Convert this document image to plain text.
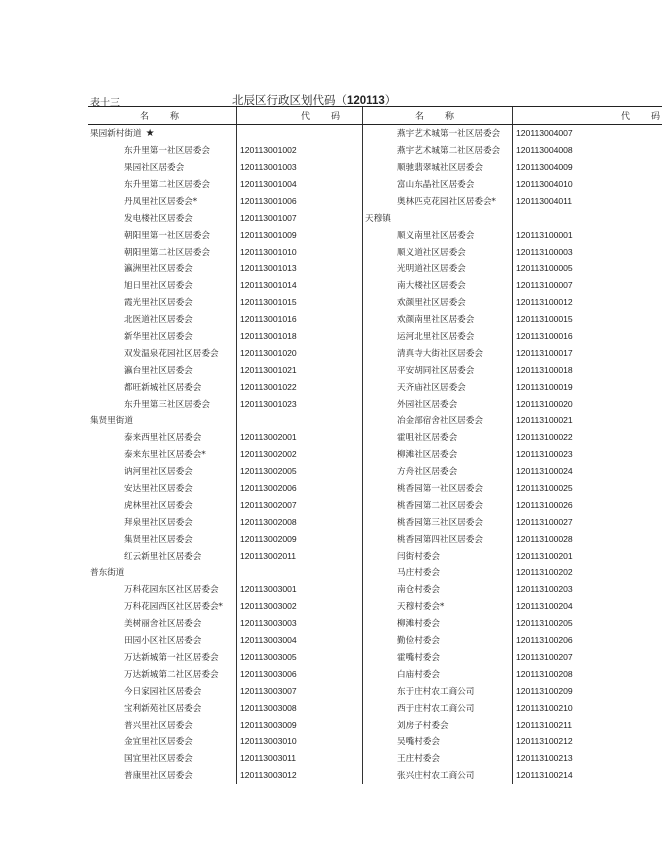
表十三	北辰区行政区划代码（120113）
名　　称	代　　码
果园新村街道 ★
东升里第一社区居委会	120113001002
果园社区居委会	120113001003
东升里第二社区居委会	120113001004
丹凤里社区居委会*	120113001006
发电楼社区居委会	120113001007
朝阳里第一社区居委会	120113001009
朝阳里第二社区居委会	120113001010
瀛洲里社区居委会	120113001013
旭日里社区居委会	120113001014
霞光里社区居委会	120113001015
北医道社区居委会	120113001016
新华里社区居委会	120113001018
双发温泉花园社区居委会	120113001020
瀛台里社区居委会	120113001021
都旺新城社区居委会	120113001022
东升里第三社区居委会	120113001023
集贤里街道
泰来西里社区居委会	120113002001
泰来东里社区居委会*	120113002002
讷河里社区居委会	120113002005
安达里社区居委会	120113002006
虎林里社区居委会	120113002007
拜泉里社区居委会	120113002008
集贤里社区居委会	120113002009
红云新里社区居委会	120113002011
普东街道
万科花园东区社区居委会	120113003001
万科花园西区社区居委会*	120113003002
美树丽舍社区居委会	120113003003
田园小区社区居委会	120113003004
万达新城第一社区居委会	120113003005
万达新城第二社区居委会	120113003006
今日家园社区居委会	120113003007
宝利新苑社区居委会	120113003008
普兴里社区居委会	120113003009
金宜里社区居委会	120113003010
国宜里社区居委会	120113003011
普康里社区居委会	120113003012
名　　称	代　　码
燕宇艺术城第一社区居委会	120113004007
燕宇艺术城第二社区居委会	120113004008
顺驰翡翠城社区居委会	120113004009
富山东晶社区居委会	120113004010
奥林匹克花园社区居委会*	120113004011
天穆镇
顺义南里社区居委会	120113100001
顺义道社区居委会	120113100003
光明道社区居委会	120113100005
南大楼社区居委会	120113100007
欢颜里社区居委会	120113100012
欢颜南里社区居委会	120113100015
运河北里社区居委会	120113100016
清真寺大街社区居委会	120113100017
平安胡同社区居委会	120113100018
天齐庙社区居委会	120113100019
外园社区居委会	120113100020
冶金部宿舍社区居委会	120113100021
霍咀社区居委会	120113100022
柳滩社区居委会	120113100023
方舟社区居委会	120113100024
桃香园第一社区居委会	120113100025
桃香园第二社区居委会	120113100026
桃香园第三社区居委会	120113100027
桃香园第四社区居委会	120113100028
闫街村委会	120113100201
马庄村委会	120113100202
南仓村委会	120113100203
天穆村委会*	120113100204
柳滩村委会	120113100205
勤俭村委会	120113100206
霍嘴村委会	120113100207
白庙村委会	120113100208
东于庄村农工商公司	120113100209
西于庄村农工商公司	120113100210
刘房子村委会	120113100211
吴嘴村委会	120113100212
王庄村委会	120113100213
张兴庄村农工商公司	120113100214
